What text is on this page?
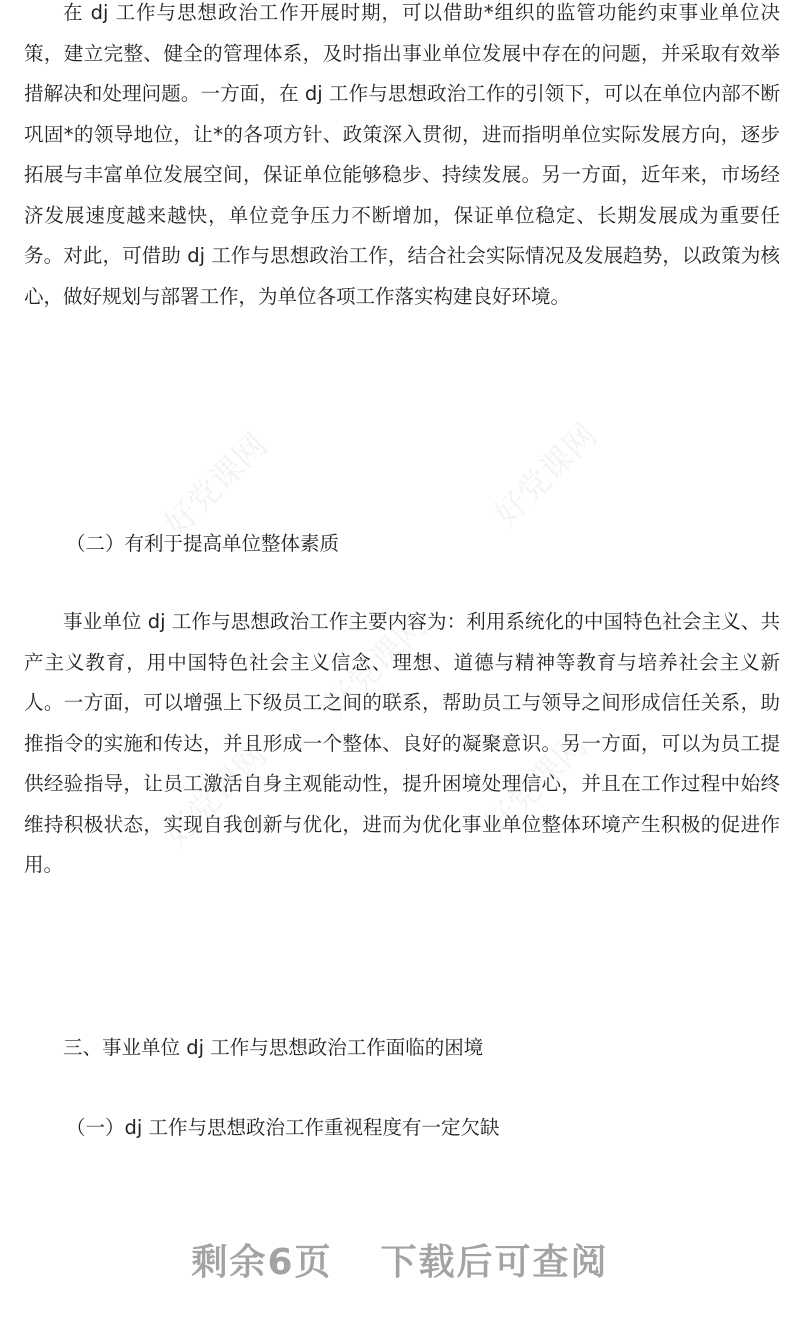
在 dj 工作与思想政治工作开展时期，可以借助*组织的监管功能约束事业单位决策，建立完整、健全的管理体系，及时指出事业单位发展中存在的问题，并采取有效举措解决和处理问题。一方面，在 dj 工作与思想政治工作的引领下，可以在单位内部不断巩固*的领导地位，让*的各项方针、政策深入贯彻，进而指明单位实际发展方向，逐步拓展与丰富单位发展空间，保证单位能够稳步、持续发展。另一方面，近年来，市场经济发展速度越来越快，单位竞争压力不断增加，保证单位稳定、长期发展成为重要任务。对此，可借助 dj 工作与思想政治工作，结合社会实际情况及发展趋势，以政策为核心，做好规划与部署工作，为单位各项工作落实构建良好环境。

好党课网	好党课网
好党课网
好党课网	好党课网

（二）有利于提高单位整体素质

事业单位 dj 工作与思想政治工作主要内容为：利用系统化的中国特色社会主义、共产主义教育，用中国特色社会主义信念、理想、道德与精神等教育与培养社会主义新人。一方面，可以增强上下级员工之间的联系，帮助员工与领导之间形成信任关系，助推指令的实施和传达，并且形成一个整体、良好的凝聚意识。另一方面，可以为员工提供经验指导，让员工激活自身主观能动性，提升困境处理信心，并且在工作过程中始终维持积极状态，实现自我创新与优化，进而为优化事业单位整体环境产生积极的促进作用。

三、事业单位 dj 工作与思想政治工作面临的困境

（一）dj 工作与思想政治工作重视程度有一定欠缺

剩余6页 下载后可查阅
